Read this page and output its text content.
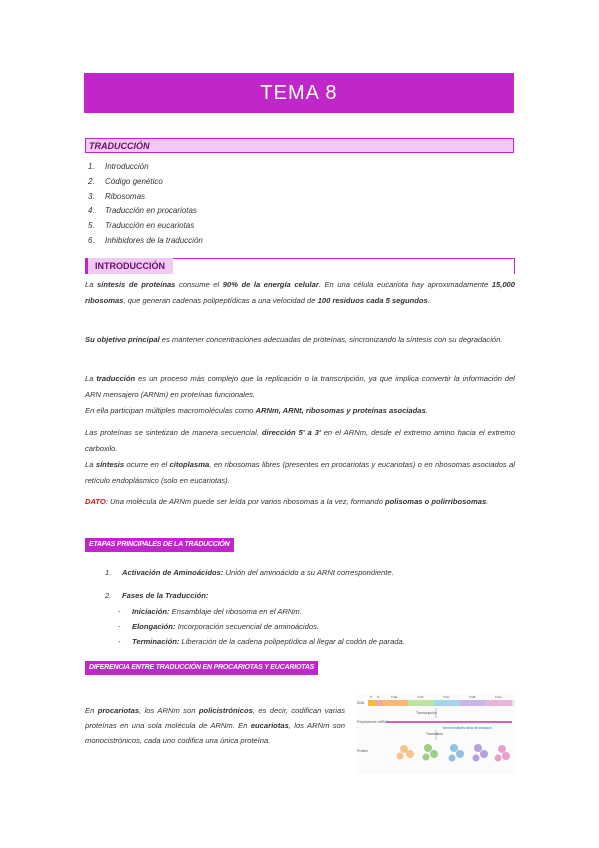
TEMA 8
TRADUCCIÓN
1. Introducción
2. Código genético
3. Ribosomas
4. Traducción en procariotas
5. Traducción en eucariotas
6. Inhibidores de la traducción
INTRODUCCIÓN

La síntesis de proteínas consume el 90% de la energía celular. En una célula eucariota hay aproximadamente 15,000 ribosomas, que generan cadenas polipeptídicas a una velocidad de 100 residuos cada 5 segundos.

Su objetivo principal es mantener concentraciones adecuadas de proteínas, sincronizando la síntesis con su degradación.

La traducción es un proceso más complejo que la replicación o la transcripción, ya que implica convertir la información del ARN mensajero (ARNm) en proteínas funcionales.
En ella participan múltiples macromoléculas como ARNm, ARNt, ribosomas y proteínas asociadas.

Las proteínas se sintetizan de manera secuencial, dirección 5' a 3' en el ARNm, desde el extremo amino hacia el extremo carboxilo.
La síntesis ocurre en el citoplasma, en ribosomas libres (presentes en procariotas y eucariotas) o en ribosomas asociados al retículo endoplásmico (solo en eucariotas).

DATO: Una molécula de ARNm puede ser leída por varios ribosomas a la vez, formando polisomas o polirribosomas.

ETAPAS PRINCIPALES DE LA TRADUCCIÓN
1. Activación de Aminoácidos: Unión del aminoácido a su ARNt correspondiente.
2. Fases de la Traducción:
- Iniciación: Ensamblaje del ribosoma en el ARNm.
- Elongación: Incorporación secuencial de aminoácidos.
- Terminación: Liberación de la cadena polipeptídica al llegar al codón de parada.
DIFERENCIA ENTRE TRADUCCIÓN EN PROCARIOTAS Y EUCARIOTAS

En procariotas, los ARNm son policistrónicos, es decir, codifican varias proteínas en una sola molécula de ARNm. En eucariotas, los ARNm son monocistrónicos, cada uno codifica una única proteína.

DNA
P O	TrpE	TrpD	TrpC	TrpB	TrpA
Transcripción
Polycistronic mRNA
Tienen múltiples sitios de iniciación
Translation
Protein
